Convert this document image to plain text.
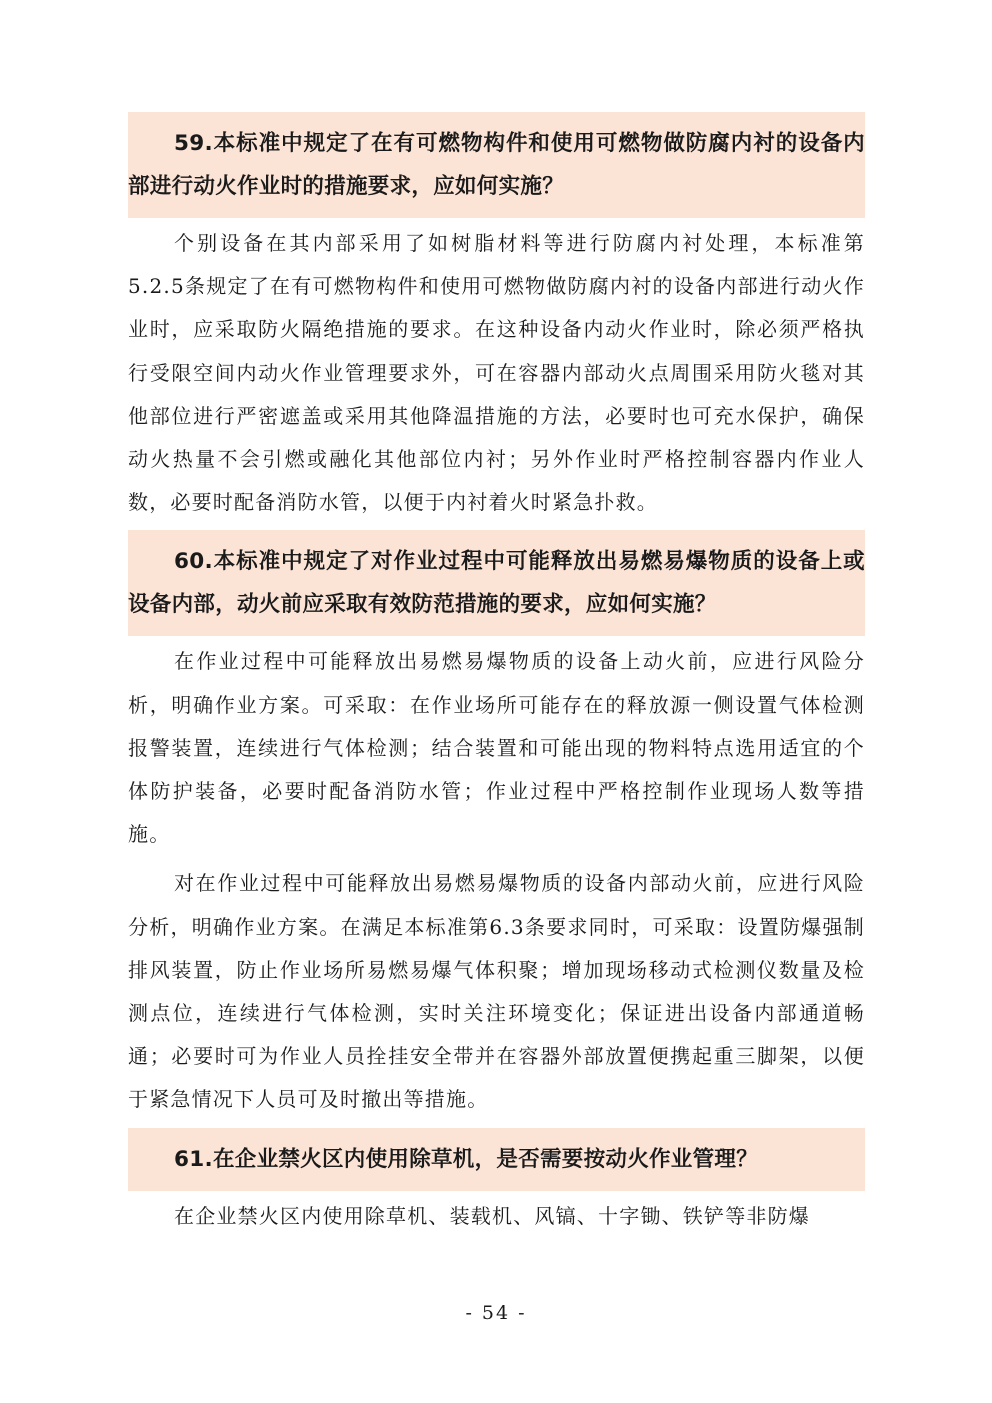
59.本标准中规定了在有可燃物构件和使用可燃物做防腐内衬的设备内部进行动火作业时的措施要求，应如何实施？

个别设备在其内部采用了如树脂材料等进行防腐内衬处理，本标准第5.2.5条规定了在有可燃物构件和使用可燃物做防腐内衬的设备内部进行动火作业时，应采取防火隔绝措施的要求。在这种设备内动火作业时，除必须严格执行受限空间内动火作业管理要求外，可在容器内部动火点周围采用防火毯对其他部位进行严密遮盖或采用其他降温措施的方法，必要时也可充水保护，确保动火热量不会引燃或融化其他部位内衬；另外作业时严格控制容器内作业人数，必要时配备消防水管，以便于内衬着火时紧急扑救。

60.本标准中规定了对作业过程中可能释放出易燃易爆物质的设备上或设备内部，动火前应采取有效防范措施的要求，应如何实施？

在作业过程中可能释放出易燃易爆物质的设备上动火前，应进行风险分析，明确作业方案。可采取：在作业场所可能存在的释放源一侧设置气体检测报警装置，连续进行气体检测；结合装置和可能出现的物料特点选用适宜的个体防护装备，必要时配备消防水管；作业过程中严格控制作业现场人数等措施。

对在作业过程中可能释放出易燃易爆物质的设备内部动火前，应进行风险分析，明确作业方案。在满足本标准第6.3条要求同时，可采取：设置防爆强制排风装置，防止作业场所易燃易爆气体积聚；增加现场移动式检测仪数量及检测点位，连续进行气体检测，实时关注环境变化；保证进出设备内部通道畅通；必要时可为作业人员拴挂安全带并在容器外部放置便携起重三脚架，以便于紧急情况下人员可及时撤出等措施。

61.在企业禁火区内使用除草机，是否需要按动火作业管理？

在企业禁火区内使用除草机、装载机、风镐、十字锄、铁铲等非防爆

- 54 -
